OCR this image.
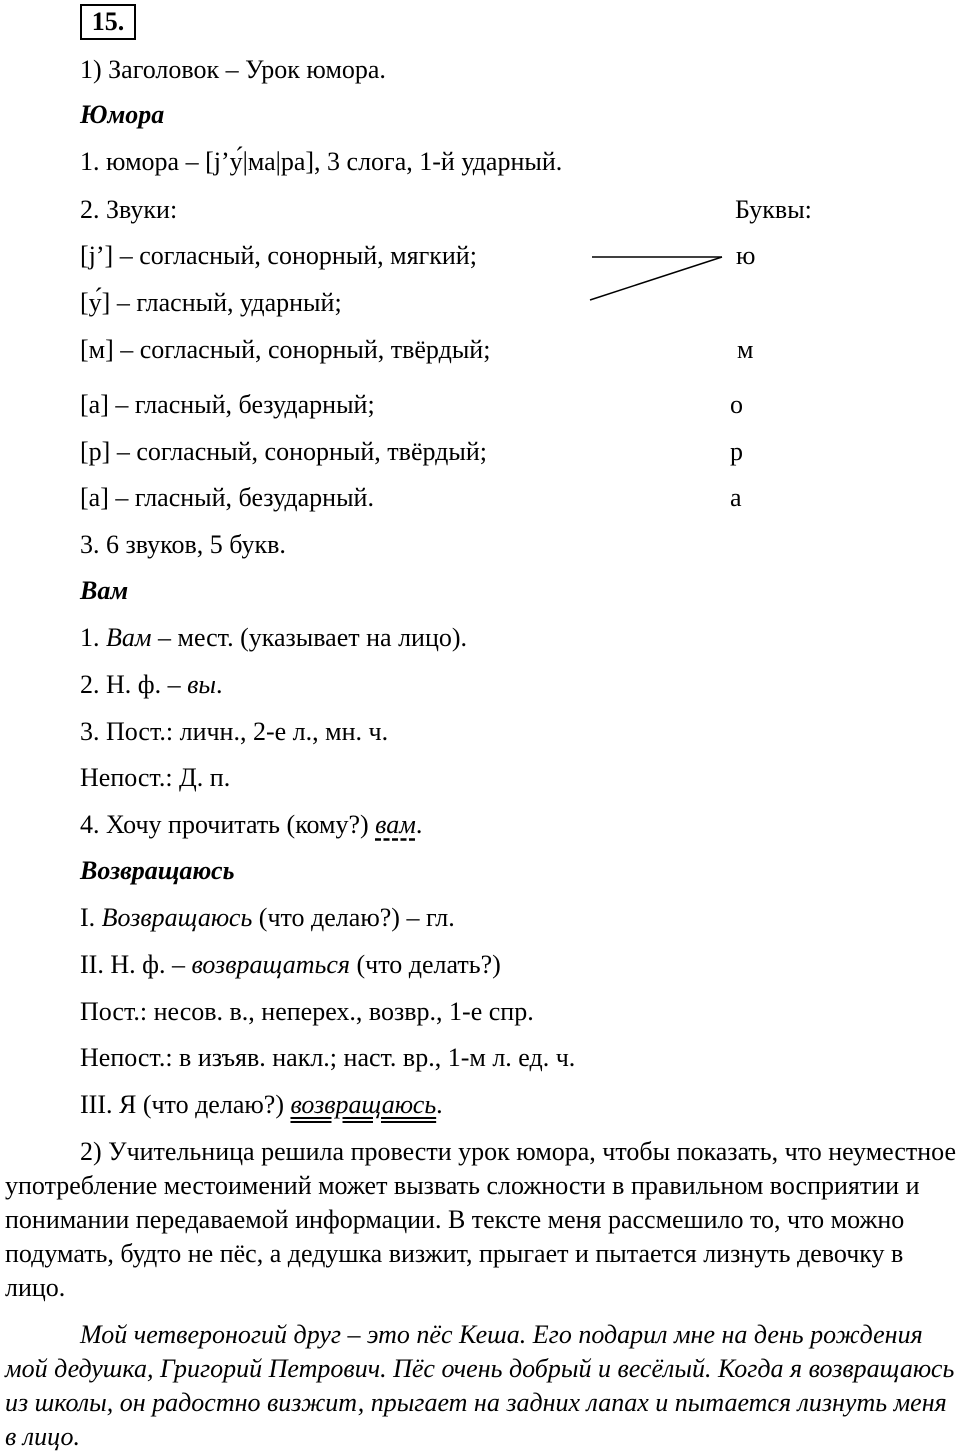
15.
1) Заголовок – Урок юмора.
Юмора
1. юмора – [j’у́|ма|ра], 3 слога, 1-й ударный.
2. Звуки:	Буквы:
[j’] – согласный, сонорный, мягкий;
[у́] – гласный, ударный;
[м] – согласный, сонорный, твёрдый;
[а] – гласный, безударный;
[р] – согласный, сонорный, твёрдый;
[а] – гласный, безударный.
ю
м
о
р
а
3. 6 звуков, 5 букв.
Вам
1. Вам – мест. (указывает на лицо).
2. Н. ф. – вы.
3. Пост.: личн., 2-е л., мн. ч.
Непост.: Д. п.
4. Хочу прочитать (кому?) вам.
Возвращаюсь
I. Возвращаюсь (что делаю?) – гл.
II. Н. ф. – возвращаться (что делать?)
Пост.: несов. в., неперех., возвр., 1-е спр.
Непост.: в изъяв. накл.; наст. вр., 1-м л. ед. ч.
III. Я (что делаю?) возвращаюсь.

2) Учительница решила провести урок юмора, чтобы показать, что неуместное употребление местоимений может вызвать сложности в правильном восприятии и понимании передаваемой информации. В тексте меня рассмешило то, что можно подумать, будто не пёс, а дедушка визжит, прыгает и пытается лизнуть девочку в лицо.

Мой четвероногий друг – это пёс Кеша. Его подарил мне на день рождения мой дедушка, Григорий Петрович. Пёс очень добрый и весёлый. Когда я возвращаюсь из школы, он радостно визжит, прыгает на задних лапах и пытается лизнуть меня в лицо.
